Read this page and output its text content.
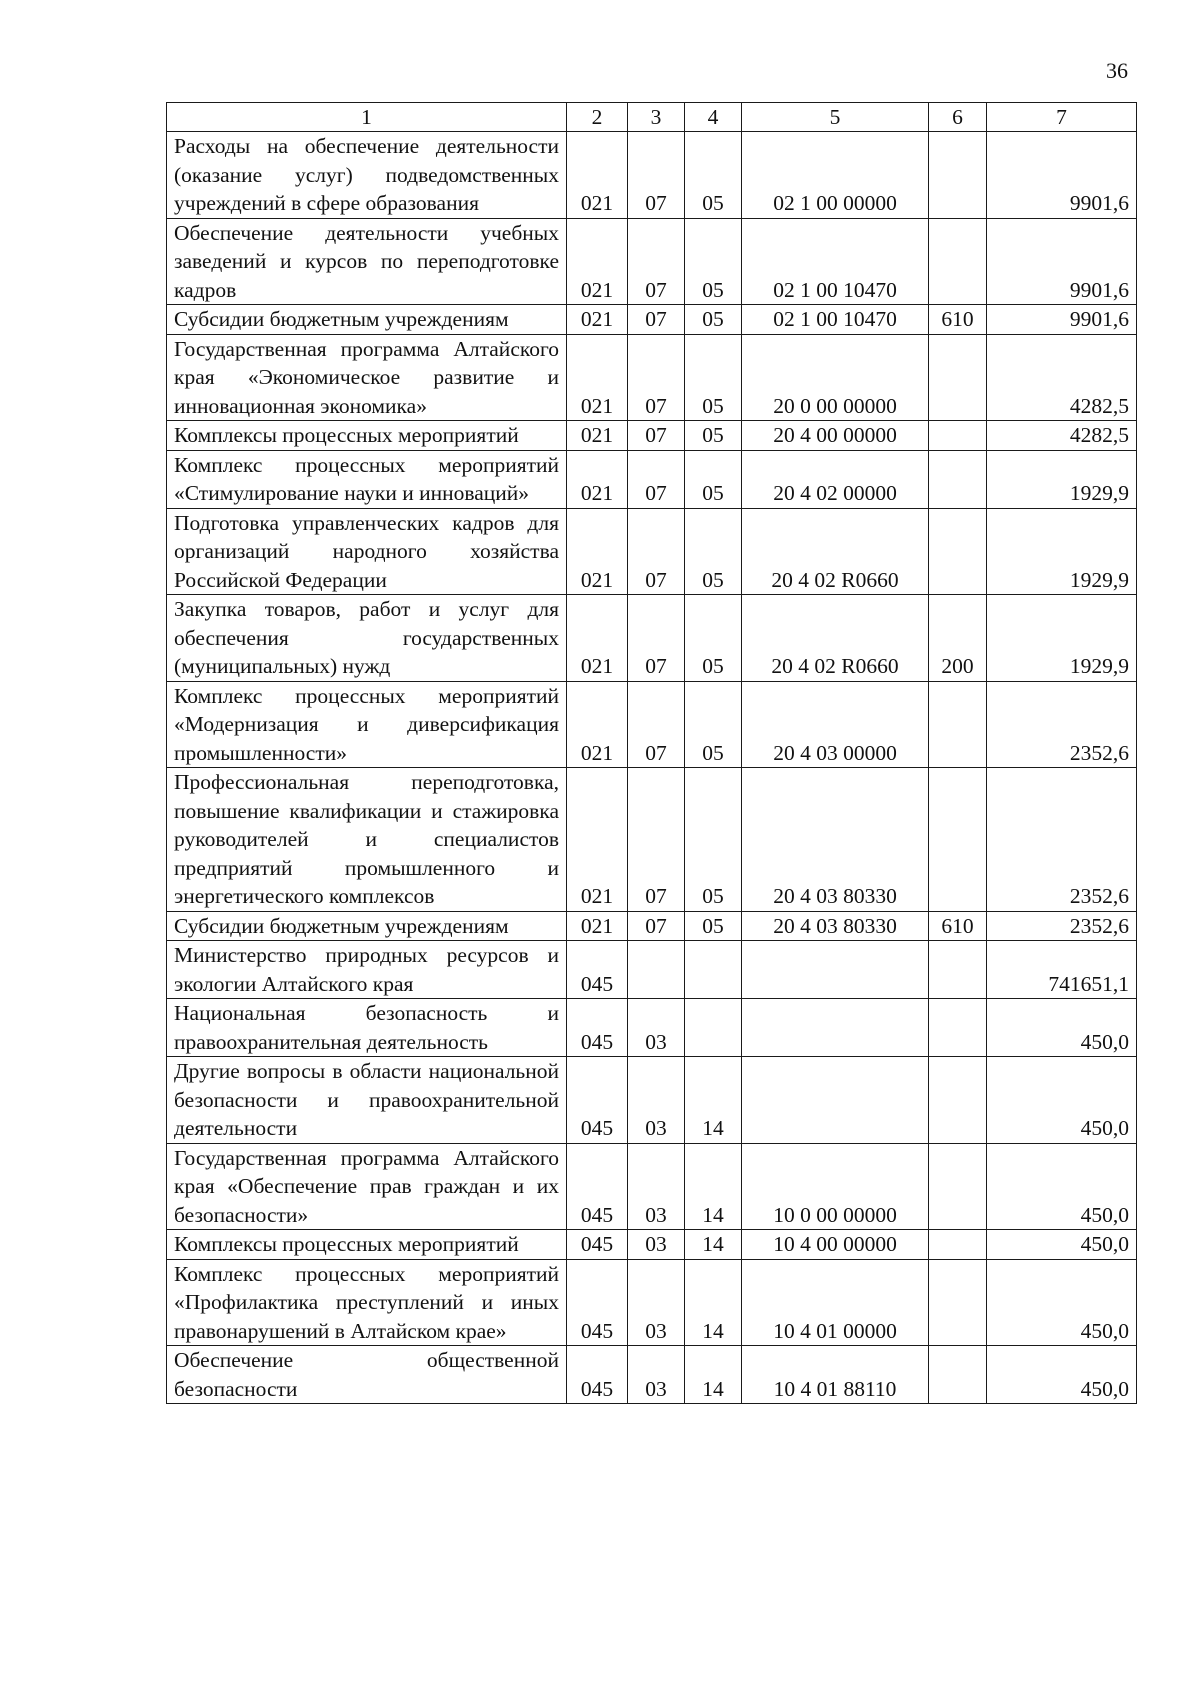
36
1	2	3	4	5	6	7
Расходы на обеспечение деятельности (оказание услуг) подведомственных учреждений в сфере образования	021	07	05	02 1 00 00000		9901,6
Обеспечение деятельности учебных заведений и курсов по переподготовке кадров	021	07	05	02 1 00 10470		9901,6
Субсидии бюджетным учреждениям	021	07	05	02 1 00 10470	610	9901,6
Государственная программа Алтайского края «Экономическое развитие и инновационная экономика»	021	07	05	20 0 00 00000		4282,5
Комплексы процессных мероприятий	021	07	05	20 4 00 00000		4282,5
Комплекс процессных мероприятий «Стимулирование науки и инноваций»	021	07	05	20 4 02 00000		1929,9
Подготовка управленческих кадров для организаций народного хозяйства Российской Федерации	021	07	05	20 4 02 R0660		1929,9
Закупка товаров, работ и услуг для обеспечения государственных (муниципальных) нужд	021	07	05	20 4 02 R0660	200	1929,9
Комплекс процессных мероприятий «Модернизация и диверсификация промышленности»	021	07	05	20 4 03 00000		2352,6
Профессиональная переподготовка, повышение квалификации и стажировка руководителей и специалистов предприятий промышленного и энергетического комплексов	021	07	05	20 4 03 80330		2352,6
Субсидии бюджетным учреждениям	021	07	05	20 4 03 80330	610	2352,6
Министерство природных ресурсов и экологии Алтайского края	045					741651,1
Национальная безопасность и правоохранительная деятельность	045	03				450,0
Другие вопросы в области национальной безопасности и правоохранительной деятельности	045	03	14			450,0
Государственная программа Алтайского края «Обеспечение прав граждан и их безопасности»	045	03	14	10 0 00 00000		450,0
Комплексы процессных мероприятий	045	03	14	10 4 00 00000		450,0
Комплекс процессных мероприятий «Профилактика преступлений и иных правонарушений в Алтайском крае»	045	03	14	10 4 01 00000		450,0
Обеспечение общественной безопасности	045	03	14	10 4 01 88110		450,0
